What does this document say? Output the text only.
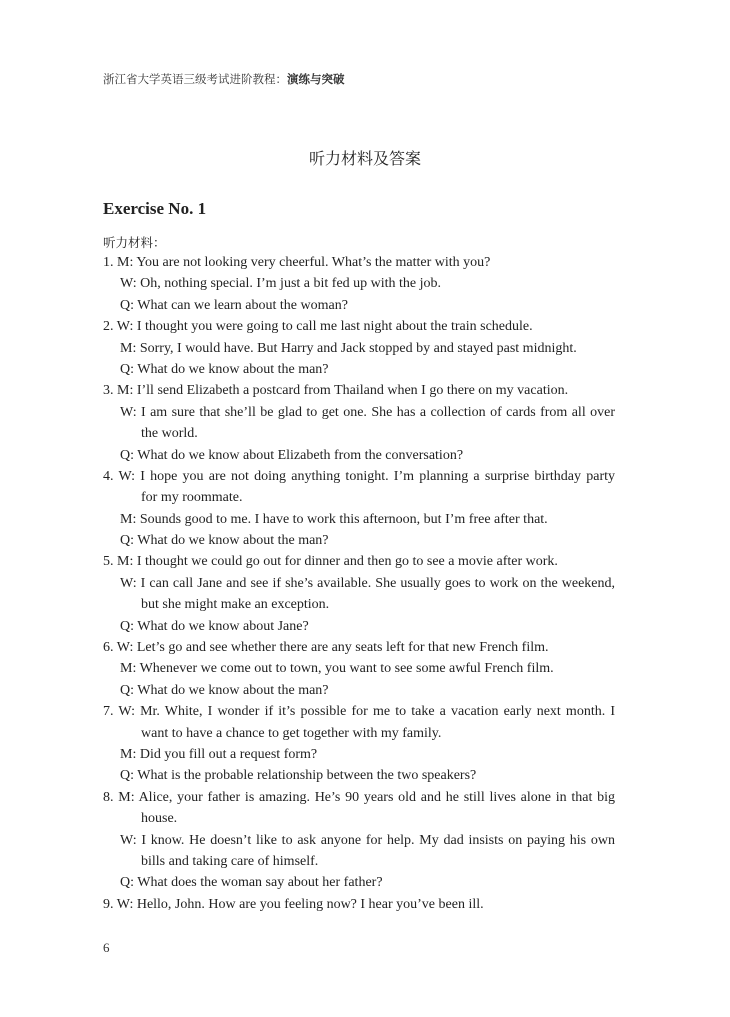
浙江省大学英语三级考试进阶教程：演练与突破
听力材料及答案
Exercise No. 1
听力材料：
1. M: You are not looking very cheerful. What’s the matter with you?
W: Oh, nothing special. I’m just a bit fed up with the job.
Q: What can we learn about the woman?
2. W: I thought you were going to call me last night about the train schedule.
M: Sorry, I would have. But Harry and Jack stopped by and stayed past midnight.
Q: What do we know about the man?
3. M: I’ll send Elizabeth a postcard from Thailand when I go there on my vacation.
W: I am sure that she’ll be glad to get one. She has a collection of cards from all over
the world.
Q: What do we know about Elizabeth from the conversation?
4. W: I hope you are not doing anything tonight. I’m planning a surprise birthday party
for my roommate.
M: Sounds good to me. I have to work this afternoon, but I’m free after that.
Q: What do we know about the man?
5. M: I thought we could go out for dinner and then go to see a movie after work.
W: I can call Jane and see if she’s available. She usually goes to work on the weekend,
but she might make an exception.
Q: What do we know about Jane?
6. W: Let’s go and see whether there are any seats left for that new French film.
M: Whenever we come out to town, you want to see some awful French film.
Q: What do we know about the man?
7. W: Mr. White, I wonder if it’s possible for me to take a vacation early next month. I
want to have a chance to get together with my family.
M: Did you fill out a request form?
Q: What is the probable relationship between the two speakers?
8. M: Alice, your father is amazing. He’s 90 years old and he still lives alone in that big
house.
W: I know. He doesn’t like to ask anyone for help. My dad insists on paying his own
bills and taking care of himself.
Q: What does the woman say about her father?
9. W: Hello, John. How are you feeling now? I hear you’ve been ill.
6
